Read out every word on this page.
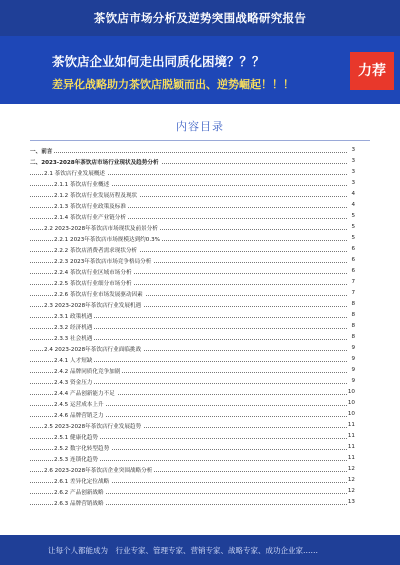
茶饮店市场分析及逆势突围战略研究报告
茶饮店企业如何走出同质化困境？？？
差异化战略助力茶饮店脱颖而出、逆势崛起！！！
力荐
内容目录
一、前言	3
二、2023-2028年茶饮店市场行业现状及趋势分析	3
2.1 茶饮店行业发展概述	3
2.1.1 茶饮店行业概述	3
2.1.2 茶饮店行业发展历程及现状	4
2.1.3 茶饮店行业政策及标准	4
2.1.4 茶饮店行业产业链分析	5
2.2 2023-2028年茶饮店市场现状及前景分析	5
2.2.1 2023年茶饮店市场规模达到约0.3%	5
2.2.2 茶饮店消费者需求现状分析	6
2.2.3 2023年茶饮店市场竞争格局分析	6
2.2.4 茶饮店行业区域市场分析	6
2.2.5 茶饮店行业细分市场分析	7
2.2.6 茶饮店行业市场发展驱动因素	7
2.3 2023-2028年茶饮店行业发展机遇	8
2.3.1 政策机遇	8
2.3.2 经济机遇	8
2.3.3 社会机遇	8
2.4 2023-2028年茶饮店行业面临挑战	9
2.4.1 人才短缺	9
2.4.2 品牌同质化竞争加剧	9
2.4.3 资金压力	9
2.4.4 产品创新能力不足	10
2.4.5 运营成本上升	10
2.4.6 品牌营销乏力	10
2.5 2023-2028年茶饮店行业发展趋势	11
2.5.1 健康化趋势	11
2.5.2 数字化转型趋势	11
2.5.3 连锁化趋势	11
2.6 2023-2028年茶饮店企业突围战略分析	12
2.6.1 差异化定位战略	12
2.6.2 产品创新战略	12
2.6.3 品牌营销战略	13
让每个人都能成为　行业专家、管理专家、营销专家、战略专家、成功企业家……
